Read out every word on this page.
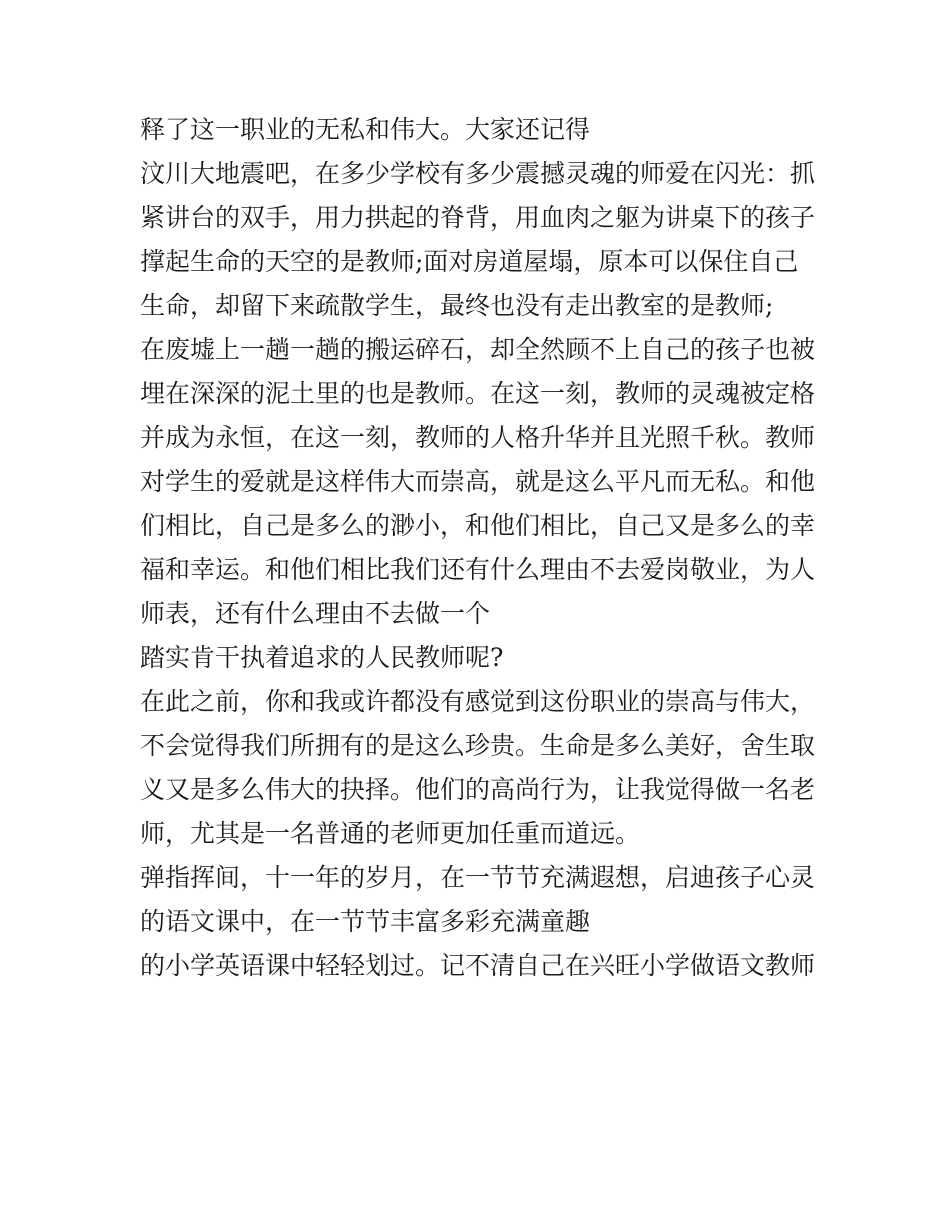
释了这一职业的无私和伟大。大家还记得
汶川大地震吧，在多少学校有多少震撼灵魂的师爱在闪光：抓
紧讲台的双手，用力拱起的脊背，用血肉之躯为讲桌下的孩子
撑起生命的天空的是教师;面对房道屋塌，原本可以保住自己
生命，却留下来疏散学生，最终也没有走出教室的是教师;
在废墟上一趟一趟的搬运碎石，却全然顾不上自己的孩子也被
埋在深深的泥土里的也是教师。在这一刻，教师的灵魂被定格
并成为永恒，在这一刻，教师的人格升华并且光照千秋。教师
对学生的爱就是这样伟大而崇高，就是这么平凡而无私。和他
们相比，自己是多么的渺小，和他们相比，自己又是多么的幸
福和幸运。和他们相比我们还有什么理由不去爱岗敬业，为人
师表，还有什么理由不去做一个
踏实肯干执着追求的人民教师呢?
在此之前，你和我或许都没有感觉到这份职业的崇高与伟大，
不会觉得我们所拥有的是这么珍贵。生命是多么美好，舍生取
义又是多么伟大的抉择。他们的高尚行为，让我觉得做一名老
师，尤其是一名普通的老师更加任重而道远。
弹指挥间，十一年的岁月，在一节节充满遐想，启迪孩子心灵
的语文课中，在一节节丰富多彩充满童趣
的小学英语课中轻轻划过。记不清自己在兴旺小学做语文教师
